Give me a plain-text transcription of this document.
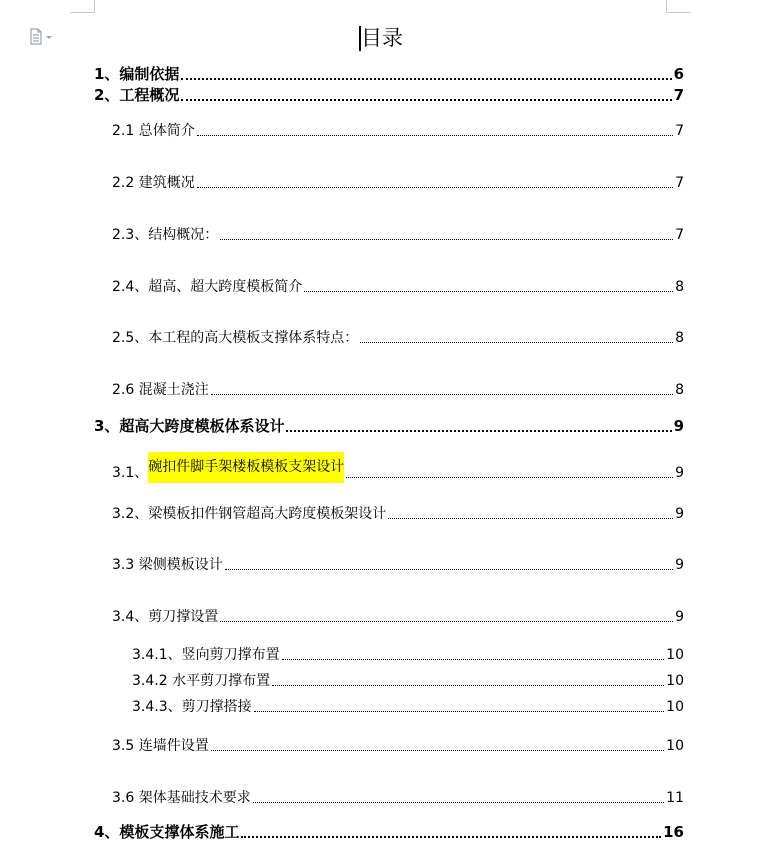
目录
1、编制依据	6
2、工程概况	7
2.1 总体简介	7
2.2 建筑概况	7
2.3、结构概况：	7
2.4、超高、超大跨度模板简介	8
2.5、本工程的高大模板支撑体系特点：	8
2.6 混凝土浇注	8
3、超高大跨度模板体系设计	9
3.1、 碗扣件脚手架楼板模板支架设计	9
3.2、梁模板扣件钢管超高大跨度模板架设计	9
3.3 梁侧模板设计	9
3.4、剪刀撑设置	9
3.4.1、竖向剪刀撑布置	10
3.4.2 水平剪刀撑布置	10
3.4.3、剪刀撑搭接	10
3.5 连墙件设置	10
3.6 架体基础技术要求	11
4、模板支撑体系施工	16
